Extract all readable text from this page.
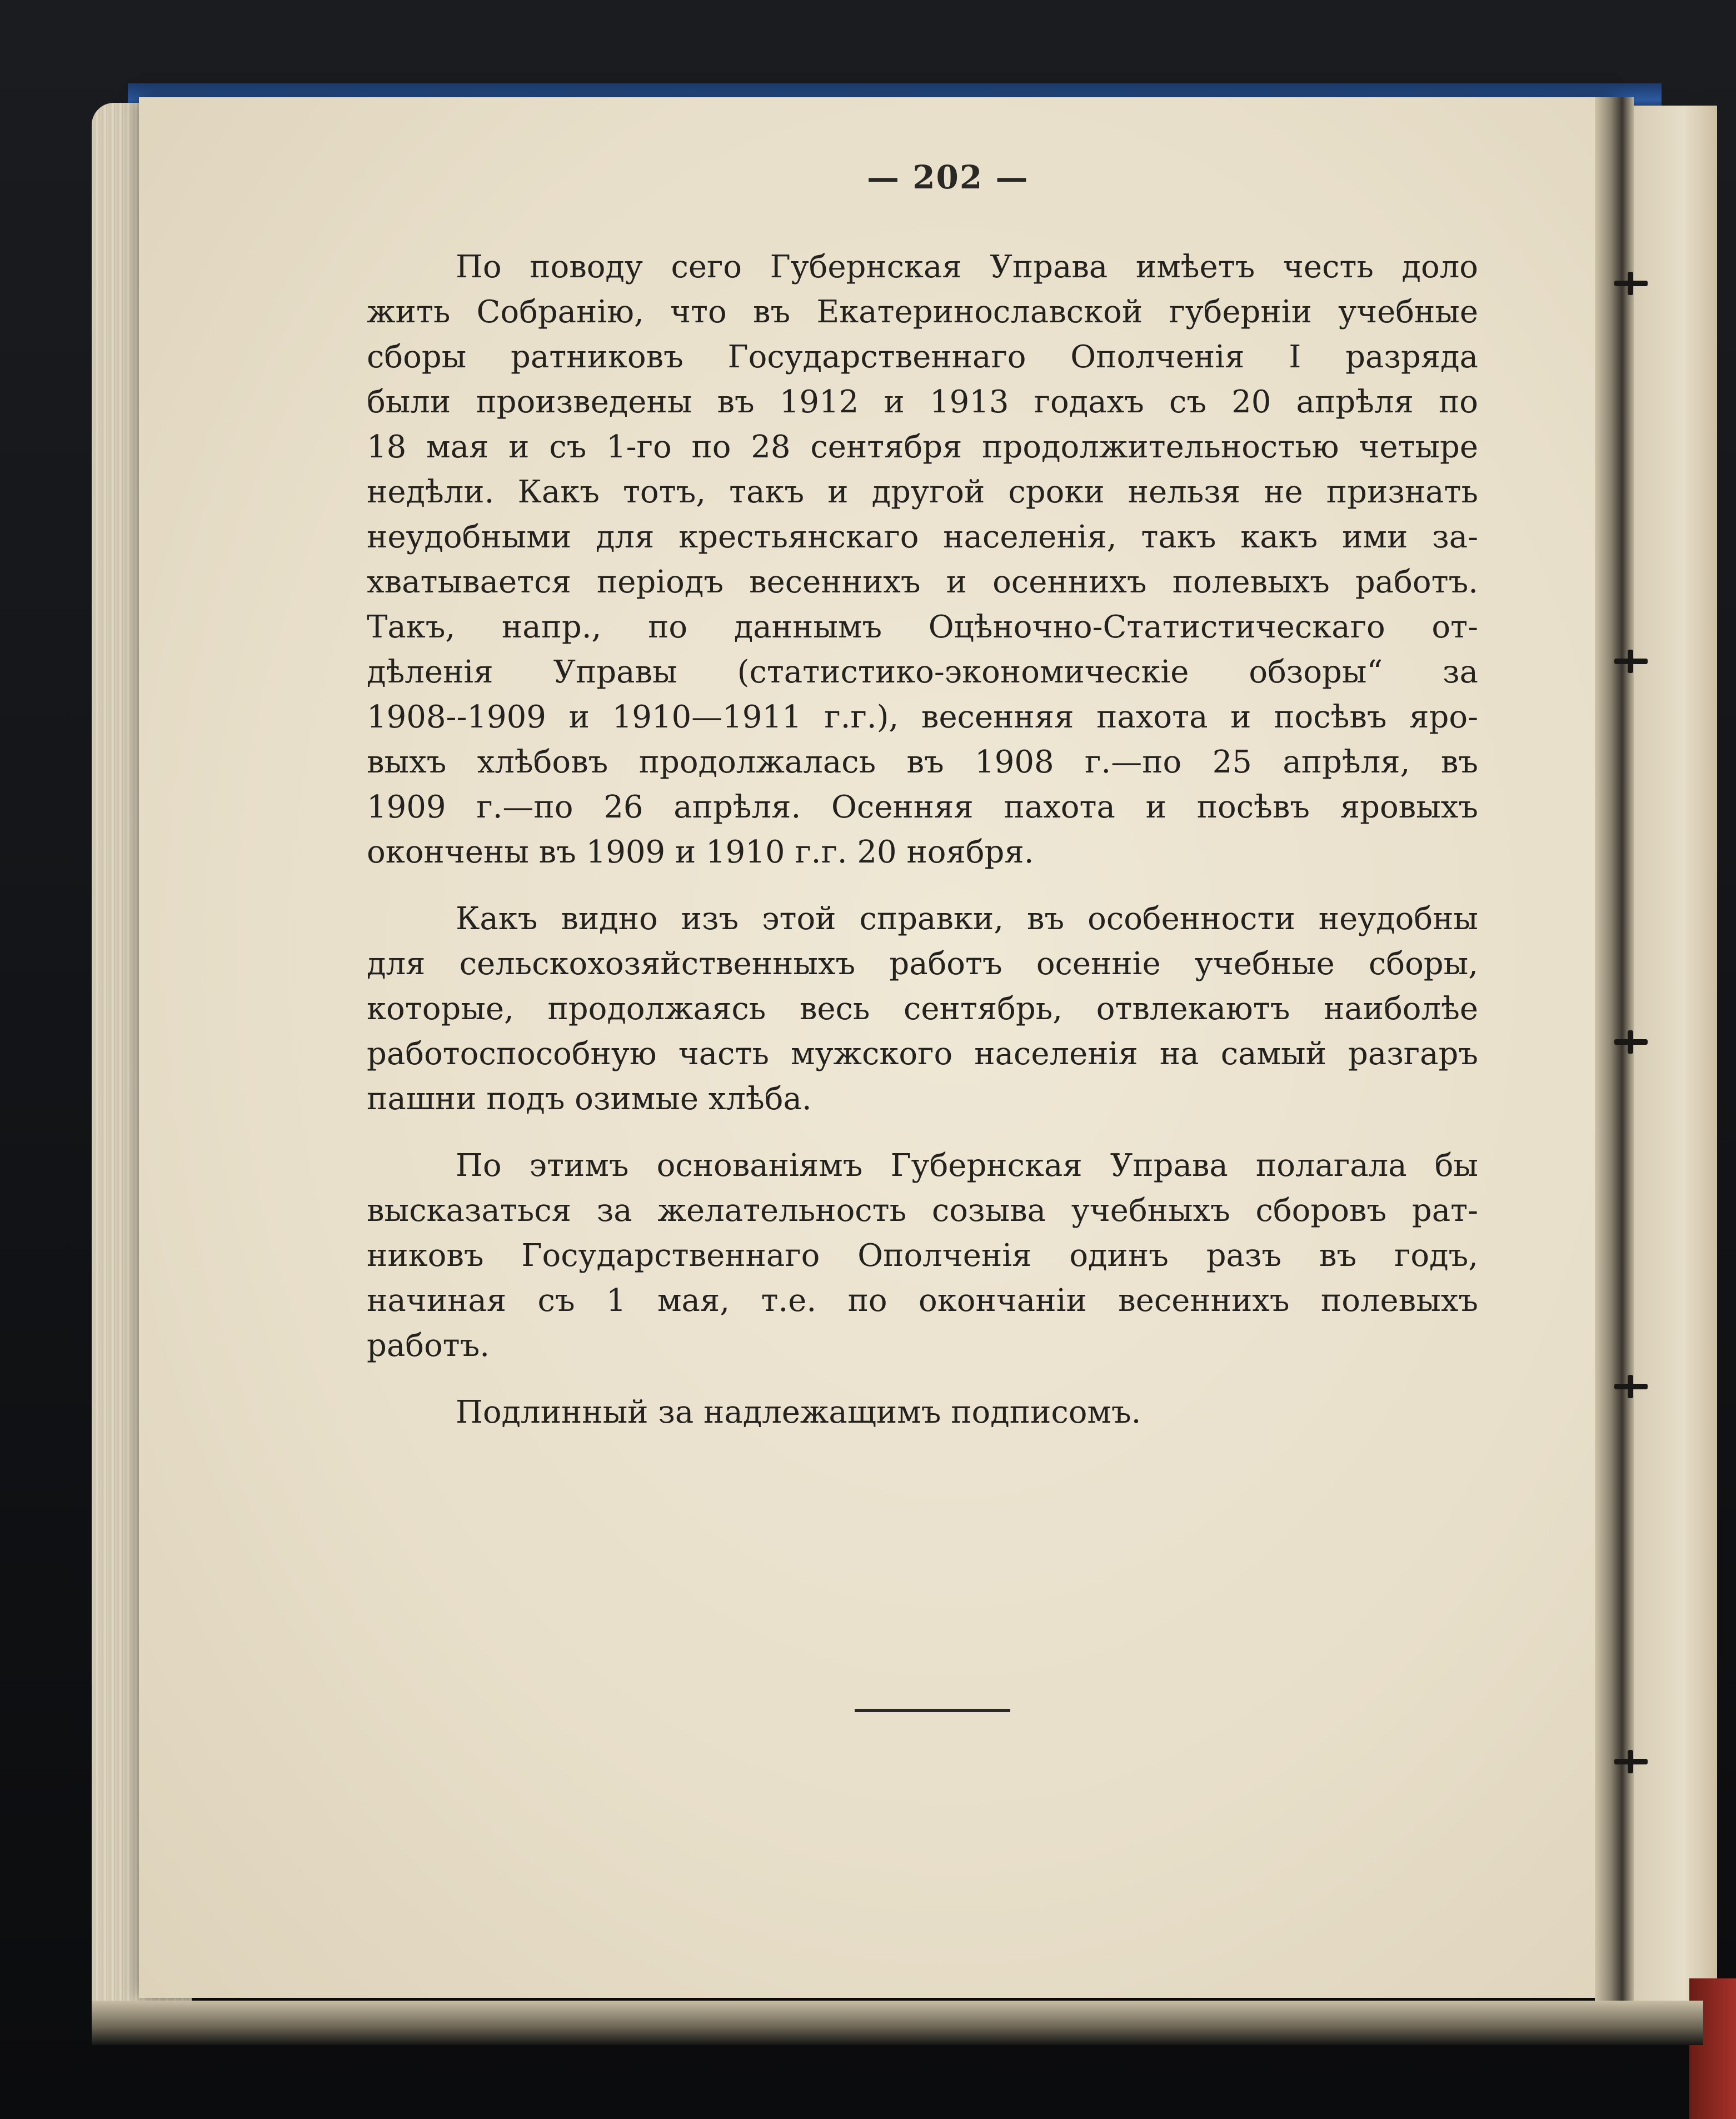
— 202 —
По поводу сего Губернская Управа имѣетъ честь доло
жить Собранію, что въ Екатеринославской губерніи учебные
сборы ратниковъ Государственнаго Ополченія I разряда
были произведены въ 1912 и 1913 годахъ съ 20 апрѣля по
18 мая и съ 1-го по 28 сентября продолжительностью четыре
недѣли. Какъ тотъ, такъ и другой сроки нельзя не признать
неудобными для крестьянскаго населенія, такъ какъ ими за-
хватывается періодъ весеннихъ и осеннихъ полевыхъ работъ.
Такъ, напр., по даннымъ Оцѣночно-Статистическаго от-
дѣленія Управы (статистико-экономическіе обзоры“ за
1908--1909 и 1910—1911 г.г.), весенняя пахота и посѣвъ яро-
выхъ хлѣбовъ продолжалась въ 1908 г.—по 25 апрѣля, въ
1909 г.—по 26 апрѣля. Осенняя пахота и посѣвъ яровыхъ
окончены въ 1909 и 1910 г.г. 20 ноября.
Какъ видно изъ этой справки, въ особенности неудобны
для сельскохозяйственныхъ работъ осенніе учебные сборы,
которые, продолжаясь весь сентябрь, отвлекаютъ наиболѣе
работоспособную часть мужского населенія на самый разгаръ
пашни подъ озимые хлѣба.
По этимъ основаніямъ Губернская Управа полагала бы
высказаться за желательность созыва учебныхъ сборовъ рат-
никовъ Государственнаго Ополченія одинъ разъ въ годъ,
начиная съ 1 мая, т.е. по окончаніи весеннихъ полевыхъ
работъ.
Подлинный за надлежащимъ подписомъ.
